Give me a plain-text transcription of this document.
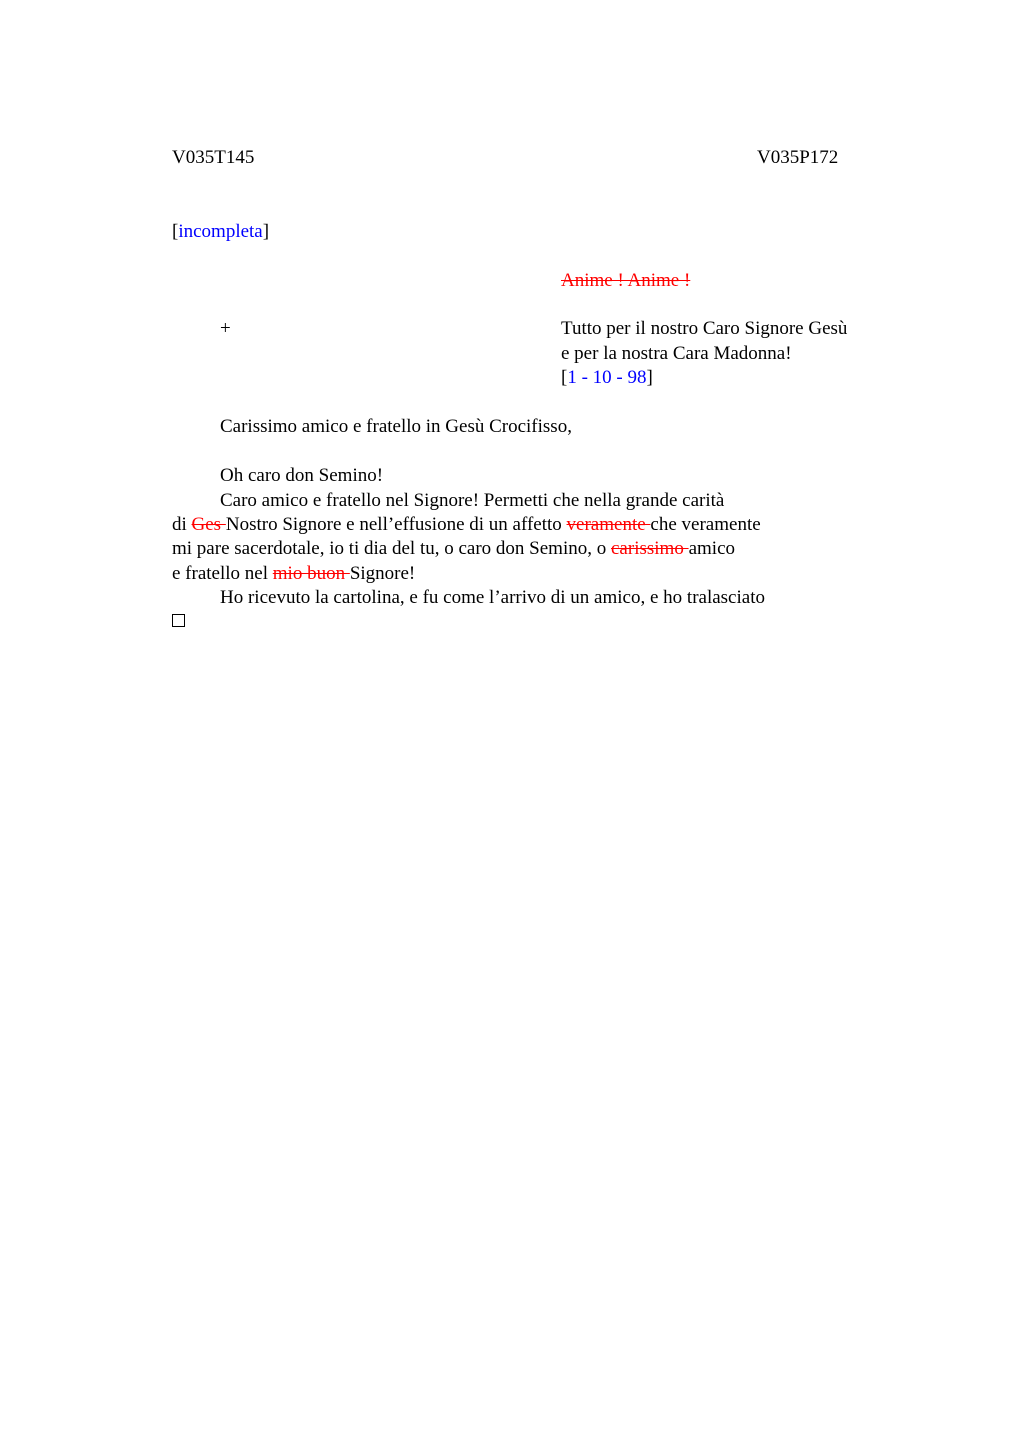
V035T145	V035P172
[incompleta]
Anime ! Anime !
+	Tutto per il nostro Caro Signore Gesù
e per la nostra Cara Madonna!
[1 - 10 - 98]
Carissimo amico e fratello in Gesù Crocifisso,
Oh caro don Semino!
Caro amico e fratello nel Signore! Permetti che nella grande carità
di Ges Nostro Signore e nell’effusione di un affetto veramente che veramente
mi pare sacerdotale, io ti dia del tu, o caro don Semino, o carissimo amico
e fratello nel mio buon Signore!
Ho ricevuto la cartolina, e fu come l’arrivo di un amico, e ho tralasciato
